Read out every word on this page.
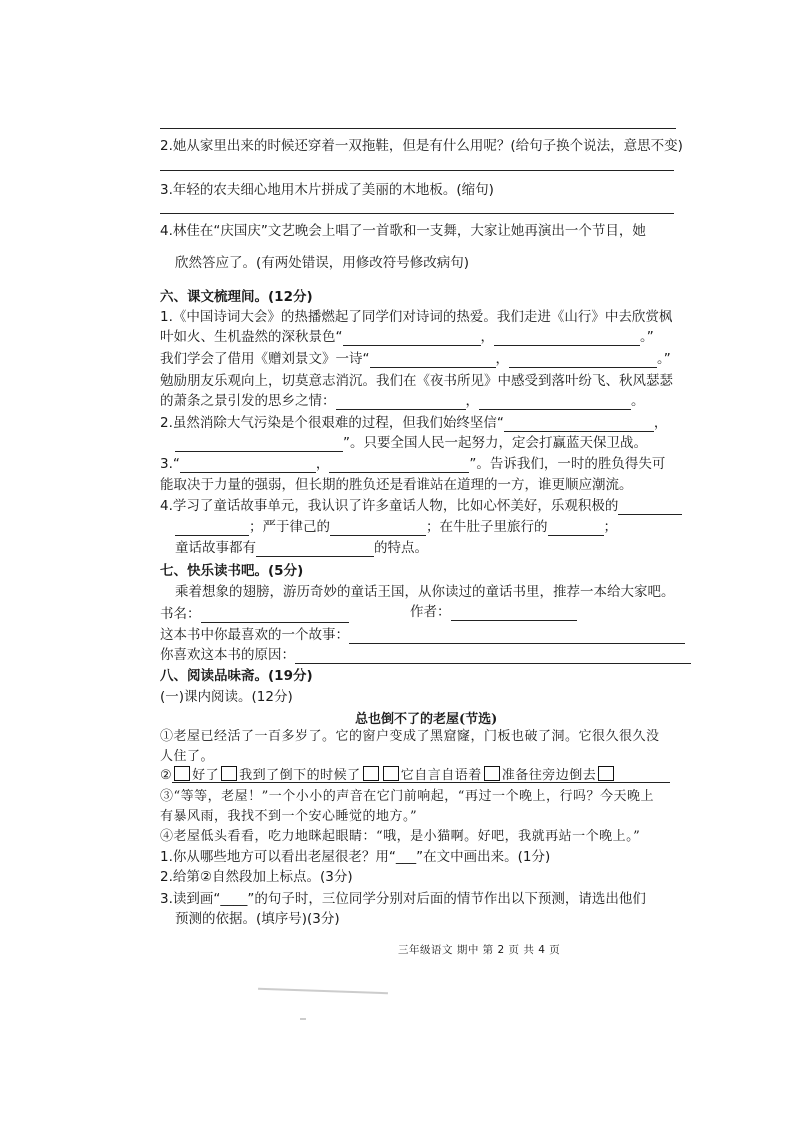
2.她从家里出来的时候还穿着一双拖鞋，但是有什么用呢？(给句子换个说法，意思不变)
3.年轻的农夫细心地用木片拼成了美丽的木地板。(缩句)
4.林佳在“庆国庆”文艺晚会上唱了一首歌和一支舞，大家让她再演出一个节目，她
欣然答应了。(有两处错误，用修改符号修改病句)
六、课文梳理间。(12分)
1.《中国诗词大会》的热播燃起了同学们对诗词的热爱。我们走进《山行》中去欣赏枫
叶如火、生机盎然的深秋景色“	，	。”
我们学会了借用《赠刘景文》一诗“	，	。”
勉励朋友乐观向上，切莫意志消沉。我们在《夜书所见》中感受到落叶纷飞、秋风瑟瑟
的萧条之景引发的思乡之情：	，	。
2.虽然消除大气污染是个很艰难的过程，但我们始终坚信“	，
”。只要全国人民一起努力，定会打赢蓝天保卫战。
3.“	，	”。告诉我们，一时的胜负得失可
能取决于力量的强弱，但长期的胜负还是看谁站在道理的一方，谁更顺应潮流。
4.学习了童话故事单元，我认识了许多童话人物，比如心怀美好，乐观积极的
；严于律己的	；在牛肚子里旅行的	；
童话故事都有	的特点。
七、快乐读书吧。(5分)
乘着想象的翅膀，游历奇妙的童话王国，从你读过的童话书里，推荐一本给大家吧。
书名：	作者：
这本书中你最喜欢的一个故事：
你喜欢这本书的原因：
八、阅读品味斋。(19分)
(一)课内阅读。(12分)
总也倒不了的老屋(节选)
①老屋已经活了一百多岁了。它的窗户变成了黑窟窿，门板也破了洞。它很久很久没
人住了。
② 好了 我到了倒下的时候了	它自言自语着 准备往旁边倒去
③“等等，老屋！”一个小小的声音在它门前响起，“再过一个晚上，行吗？今天晚上
有暴风雨，我找不到一个安心睡觉的地方。”
④老屋低头看看，吃力地眯起眼睛：“哦，是小猫啊。好吧，我就再站一个晚上。”
1.你从哪些地方可以看出老屋很老？用“___”在文中画出来。(1分)
2.给第②自然段加上标点。(3分)
3.读到画“____”的句子时，三位同学分别对后面的情节作出以下预测，请选出他们
预测的依据。(填序号)(3分)
三年级语文 期中 第 2 页 共 4 页
